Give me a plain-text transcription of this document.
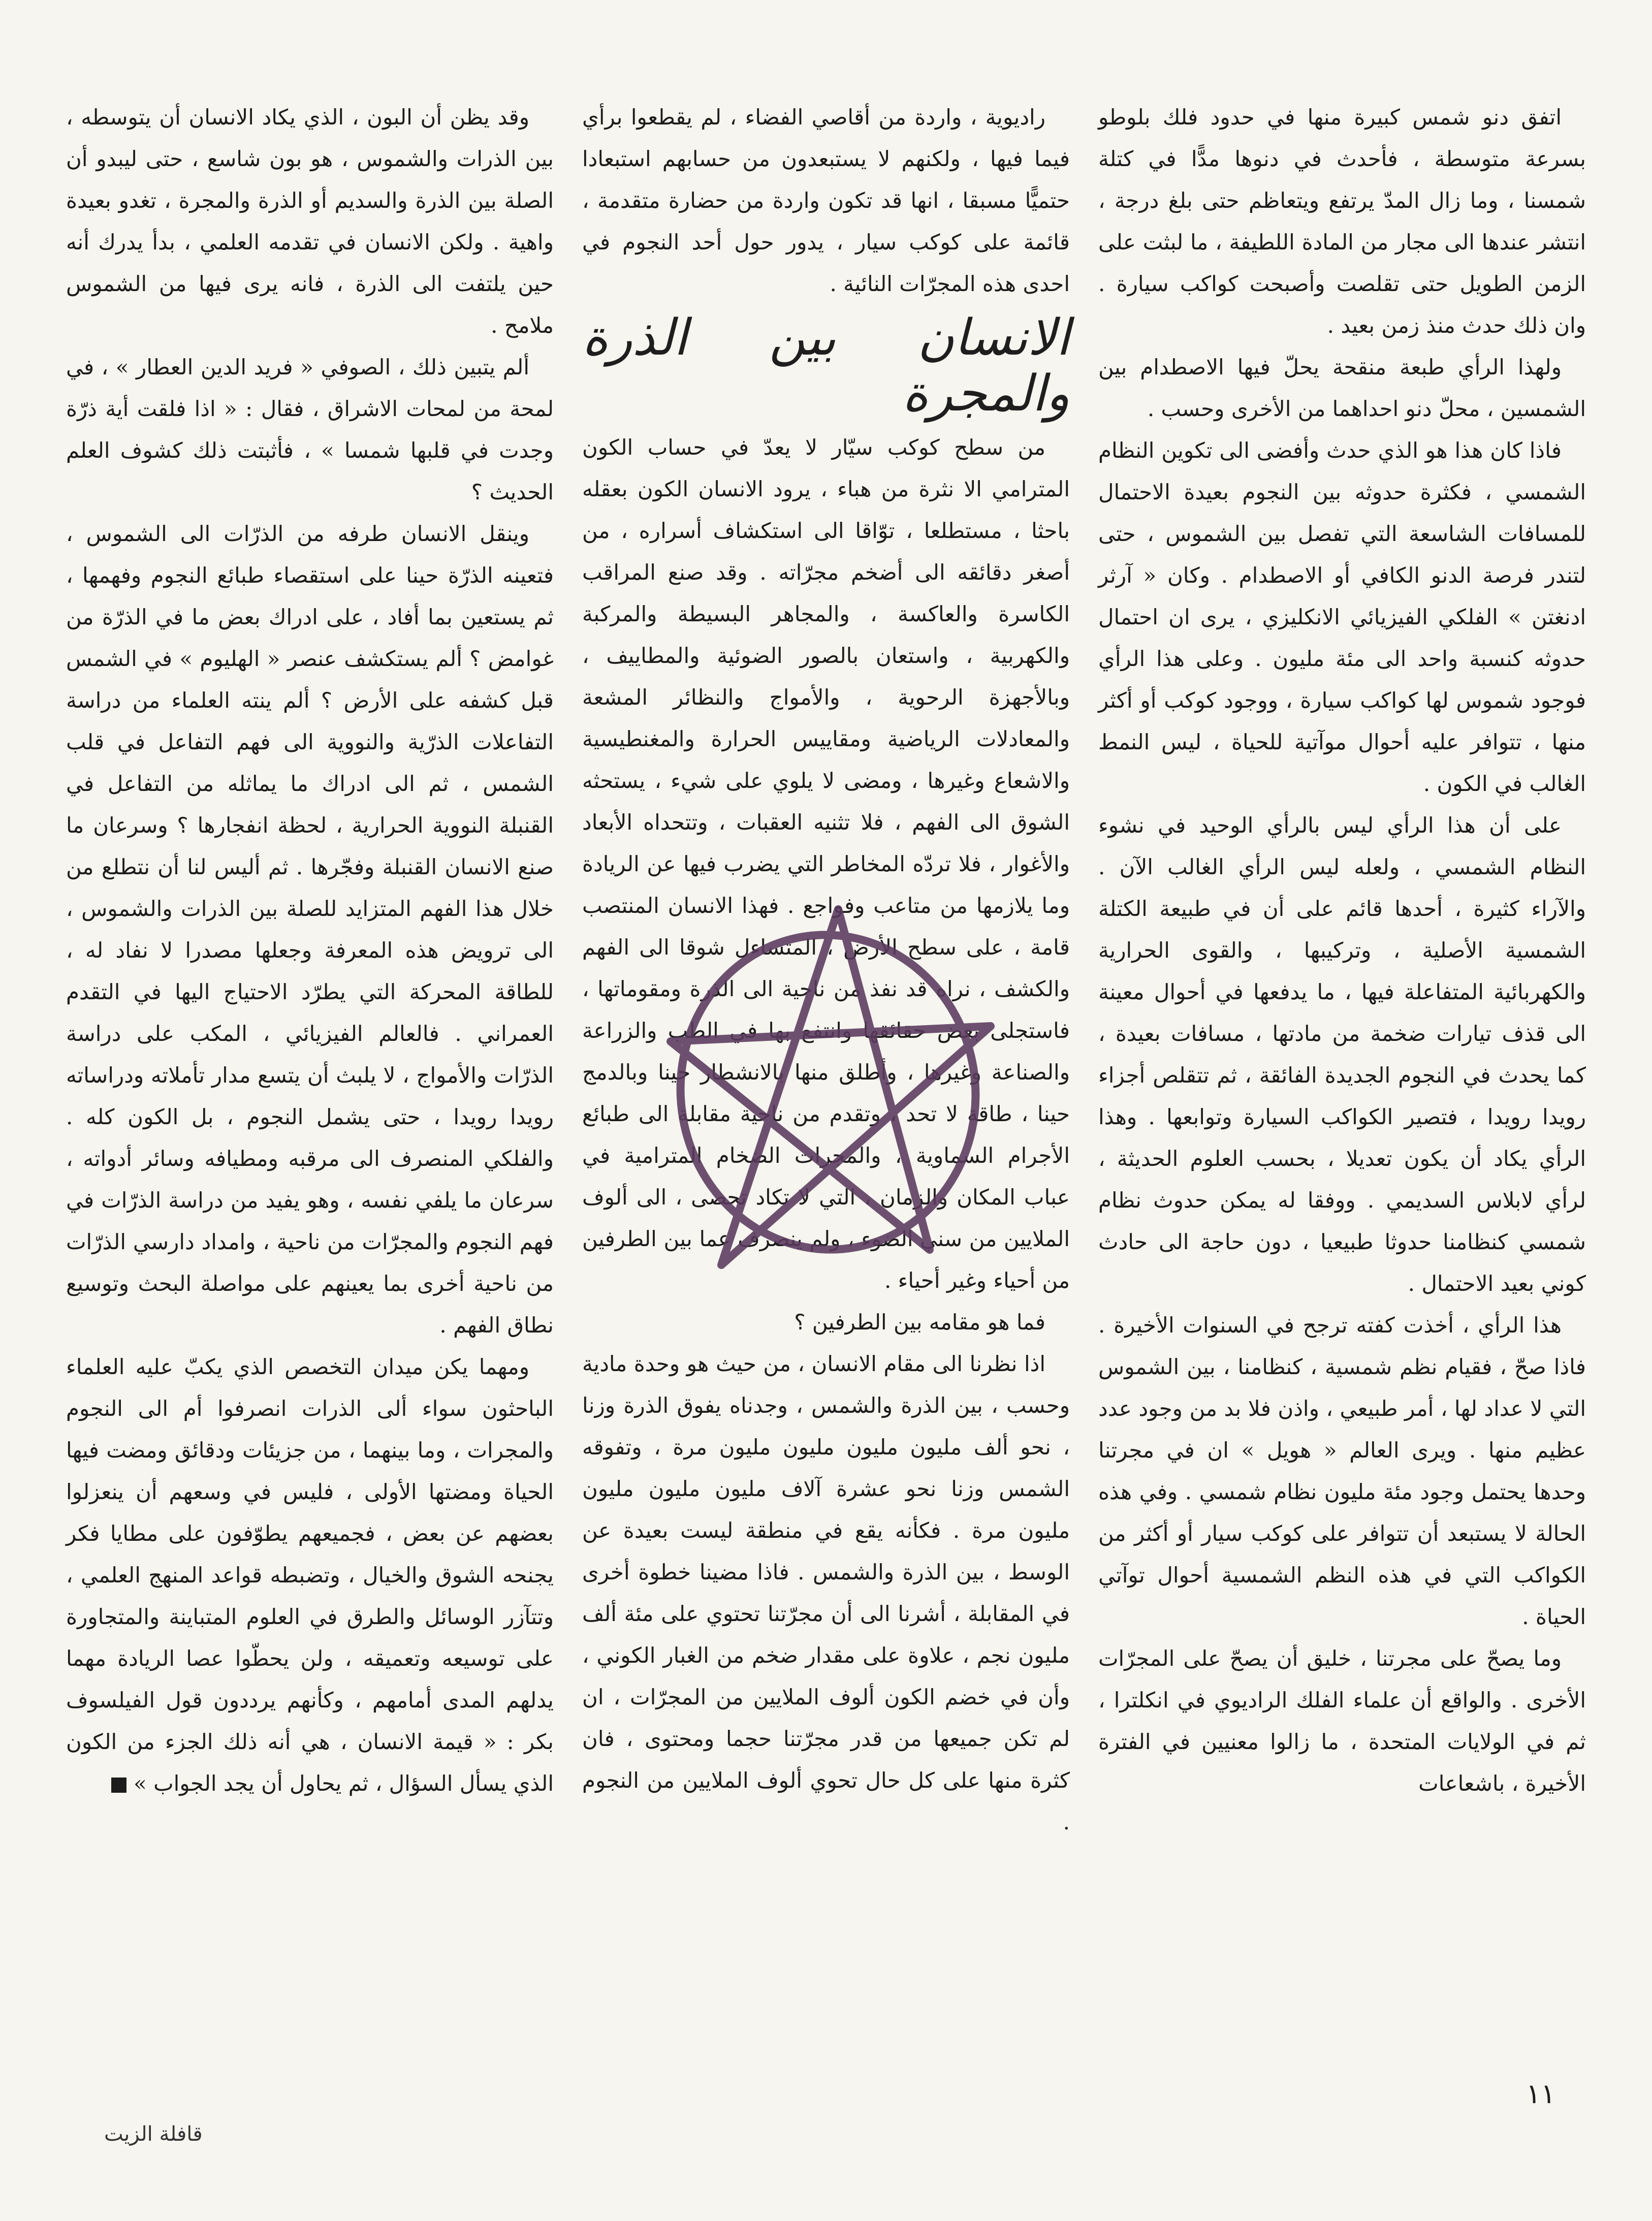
اتفق دنو شمس كبيرة منها في حدود فلك بلوطو بسرعة متوسطة ، فأحدث في دنوها مدًّا في كتلة شمسنا ، وما زال المدّ يرتفع ويتعاظم حتى بلغ درجة ، انتشر عندها الى مجار من المادة اللطيفة ، ما لبثت على الزمن الطويل حتى تقلصت وأصبحت كواكب سيارة . وان ذلك حدث منذ زمن بعيد .

ولهذا الرأي طبعة منقحة يحلّ فيها الاصطدام بين الشمسين ، محلّ دنو احداهما من الأخرى وحسب .

فاذا كان هذا هو الذي حدث وأفضى الى تكوين النظام الشمسي ، فكثرة حدوثه بين النجوم بعيدة الاحتمال للمسافات الشاسعة التي تفصل بين الشموس ، حتى لتندر فرصة الدنو الكافي أو الاصطدام . وكان « آرثر ادنغتن » الفلكي الفيزيائي الانكليزي ، يرى ان احتمال حدوثه كنسبة واحد الى مئة مليون . وعلى هذا الرأي فوجود شموس لها كواكب سيارة ، ووجود كوكب أو أكثر منها ، تتوافر عليه أحوال موآتية للحياة ، ليس النمط الغالب في الكون .

على أن هذا الرأي ليس بالرأي الوحيد في نشوء النظام الشمسي ، ولعله ليس الرأي الغالب الآن . والآراء كثيرة ، أحدها قائم على أن في طبيعة الكتلة الشمسية الأصلية ، وتركيبها ، والقوى الحرارية والكهربائية المتفاعلة فيها ، ما يدفعها في أحوال معينة الى قذف تيارات ضخمة من مادتها ، مسافات بعيدة ، كما يحدث في النجوم الجديدة الفائقة ، ثم تتقلص أجزاء رويدا رويدا ، فتصير الكواكب السيارة وتوابعها . وهذا الرأي يكاد أن يكون تعديلا ، بحسب العلوم الحديثة ، لرأي لابلاس السديمي . ووفقا له يمكن حدوث نظام شمسي كنظامنا حدوثا طبيعيا ، دون حاجة الى حادث كوني بعيد الاحتمال .

هذا الرأي ، أخذت كفته ترجح في السنوات الأخيرة . فاذا صحّ ، فقيام نظم شمسية ، كنظامنا ، بين الشموس التي لا عداد لها ، أمر طبيعي ، واذن فلا بد من وجود عدد عظيم منها . ويرى العالم « هويل » ان في مجرتنا وحدها يحتمل وجود مئة مليون نظام شمسي . وفي هذه الحالة لا يستبعد أن تتوافر على كوكب سيار أو أكثر من الكواكب التي في هذه النظم الشمسية أحوال توآتي الحياة .

وما يصحّ على مجرتنا ، خليق أن يصحّ على المجرّات الأخرى . والواقع أن علماء الفلك الراديوي في انكلترا ، ثم في الولايات المتحدة ، ما زالوا معنيين في الفترة الأخيرة ، باشعاعات

راديوية ، واردة من أقاصي الفضاء ، لم يقطعوا برأي فيما فيها ، ولكنهم لا يستبعدون من حسابهم استبعادا حتميًّا مسبقا ، انها قد تكون واردة من حضارة متقدمة ، قائمة على كوكب سيار ، يدور حول أحد النجوم في احدى هذه المجرّات النائية .

الانسان بين الذرة والمجرة

من سطح كوكب سيّار لا يعدّ في حساب الكون المترامي الا نثرة من هباء ، يرود الانسان الكون بعقله باحثا ، مستطلعا ، توّاقا الى استكشاف أسراره ، من أصغر دقائقه الى أضخم مجرّاته . وقد صنع المراقب الكاسرة والعاكسة ، والمجاهر البسيطة والمركبة والكهربية ، واستعان بالصور الضوئية والمطاييف ، وبالأجهزة الرحوية ، والأمواج والنظائر المشعة والمعادلات الرياضية ومقاييس الحرارة والمغنطيسية والاشعاع وغيرها ، ومضى لا يلوي على شيء ، يستحثه الشوق الى الفهم ، فلا تثنيه العقبات ، وتتحداه الأبعاد والأغوار ، فلا تردّه المخاطر التي يضرب فيها عن الريادة وما يلازمها من متاعب وفواجع . فهذا الانسان المنتصب قامة ، على سطح الأرض ، المتساءل شوقا الى الفهم والكشف ، نراه قد نفذ من ناحية الى الذرة ومقوماتها ، فاستجلى بعض حقائقها وانتفع بها في الطب والزراعة والصناعة وغيرها ، وأطلق منها بالانشطار حينا وبالدمج حينا ، طاقة لا تحد ، وتقدم من ناحية مقابلة الى طبائع الأجرام السماوية ، والمجرات الضخام المترامية في عباب المكان والزمان ، التي لا تكاد تحصى ، الى ألوف الملايين من سني الضوء ، ولم ينصرف عما بين الطرفين من أحياء وغير أحياء .

فما هو مقامه بين الطرفين ؟

اذا نظرنا الى مقام الانسان ، من حيث هو وحدة مادية وحسب ، بين الذرة والشمس ، وجدناه يفوق الذرة وزنا ، نحو ألف مليون مليون مليون مليون مرة ، وتفوقه الشمس وزنا نحو عشرة آلاف مليون مليون مليون مليون مرة . فكأنه يقع في منطقة ليست بعيدة عن الوسط ، بين الذرة والشمس . فاذا مضينا خطوة أخرى في المقابلة ، أشرنا الى أن مجرّتنا تحتوي على مئة ألف مليون نجم ، علاوة على مقدار ضخم من الغبار الكوني ، وأن في خضم الكون ألوف الملايين من المجرّات ، ان لم تكن جميعها من قدر مجرّتنا حجما ومحتوى ، فان كثرة منها على كل حال تحوي ألوف الملايين من النجوم .

وقد يظن أن البون ، الذي يكاد الانسان أن يتوسطه ، بين الذرات والشموس ، هو بون شاسع ، حتى ليبدو أن الصلة بين الذرة والسديم أو الذرة والمجرة ، تغدو بعيدة واهية . ولكن الانسان في تقدمه العلمي ، بدأ يدرك أنه حين يلتفت الى الذرة ، فانه يرى فيها من الشموس ملامح .

ألم يتبين ذلك ، الصوفي « فريد الدين العطار » ، في لمحة من لمحات الاشراق ، فقال : « اذا فلقت أية ذرّة وجدت في قلبها شمسا » ، فأثبتت ذلك كشوف العلم الحديث ؟

وينقل الانسان طرفه من الذرّات الى الشموس ، فتعينه الذرّة حينا على استقصاء طبائع النجوم وفهمها ، ثم يستعين بما أفاد ، على ادراك بعض ما في الذرّة من غوامض ؟ ألم يستكشف عنصر « الهليوم » في الشمس قبل كشفه على الأرض ؟ ألم ينته العلماء من دراسة التفاعلات الذرّية والنووية الى فهم التفاعل في قلب الشمس ، ثم الى ادراك ما يماثله من التفاعل في القنبلة النووية الحرارية ، لحظة انفجارها ؟ وسرعان ما صنع الانسان القنبلة وفجّرها . ثم أليس لنا أن نتطلع من خلال هذا الفهم المتزايد للصلة بين الذرات والشموس ، الى ترويض هذه المعرفة وجعلها مصدرا لا نفاد له ، للطاقة المحركة التي يطرّد الاحتياج اليها في التقدم العمراني . فالعالم الفيزيائي ، المكب على دراسة الذرّات والأمواج ، لا يلبث أن يتسع مدار تأملاته ودراساته رويدا رويدا ، حتى يشمل النجوم ، بل الكون كله . والفلكي المنصرف الى مرقبه ومطيافه وسائر أدواته ، سرعان ما يلفي نفسه ، وهو يفيد من دراسة الذرّات في فهم النجوم والمجرّات من ناحية ، وامداد دارسي الذرّات من ناحية أخرى بما يعينهم على مواصلة البحث وتوسيع نطاق الفهم .

ومهما يكن ميدان التخصص الذي يكبّ عليه العلماء الباحثون سواء ألى الذرات انصرفوا أم الى النجوم والمجرات ، وما بينهما ، من جزيئات ودقائق ومضت فيها الحياة ومضتها الأولى ، فليس في وسعهم أن ينعزلوا بعضهم عن بعض ، فجميعهم يطوّفون على مطايا فكر يجنحه الشوق والخيال ، وتضبطه قواعد المنهج العلمي ، وتتآزر الوسائل والطرق في العلوم المتباينة والمتجاورة على توسيعه وتعميقه ، ولن يحطّوا عصا الريادة مهما يدلهم المدى أمامهم ، وكأنهم يرددون قول الفيلسوف بكر : « قيمة الانسان ، هي أنه ذلك الجزء من الكون الذي يسأل السؤال ، ثم يحاول أن يجد الجواب »

١١
قافلة الزيت
